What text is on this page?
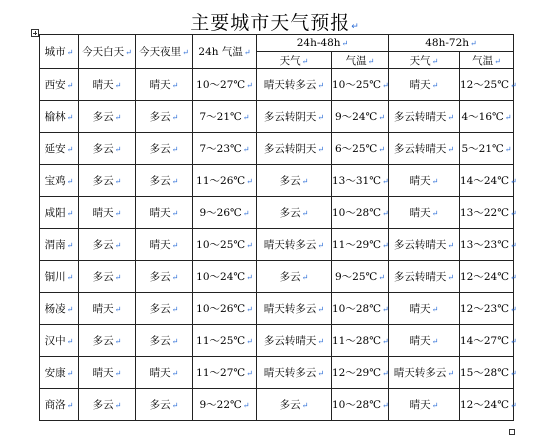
主要城市天气预报↵
城市↵	今天白天↵	今天夜里↵	24h 气温↵	24h-48h↵		48h-72h↵	
				天气↵	气温↵	天气↵	气温↵
西安↵	晴天↵	晴天↵	10～27℃↵	晴天转多云↵	10～25℃↵	晴天↵	12～25℃↵
榆林↵	多云↵	多云↵	7～21℃↵	多云转阴天↵	9～24℃↵	多云转晴天↵	4～16℃↵
延安↵	多云↵	多云↵	7～23℃↵	多云转阴天↵	6～25℃↵	多云转晴天↵	5～21℃↵
宝鸡↵	多云↵	多云↵	11～26℃↵	多云↵	13～31℃↵	晴天↵	14～24℃↵
咸阳↵	晴天↵	晴天↵	9～26℃↵	多云↵	10～28℃↵	晴天↵	13～22℃↵
渭南↵	多云↵	晴天↵	10～25℃↵	晴天转多云↵	11～29℃↵	多云转晴天↵	13～23℃↵
铜川↵	多云↵	多云↵	10～24℃↵	多云↵	9～25℃↵	多云转晴天↵	12～24℃↵
杨凌↵	晴天↵	多云↵	10～26℃↵	晴天转多云↵	10～28℃↵	晴天↵	12～23℃↵
汉中↵	多云↵	多云↵	11～25℃↵	多云转晴天↵	11～28℃↵	晴天↵	14～27℃↵
安康↵	晴天↵	晴天↵	11～27℃↵	晴天转多云↵	12～29℃↵	晴天转多云↵	15～28℃↵
商洛↵	多云↵	多云↵	9～22℃↵	多云↵	10～28℃↵	晴天↵	12～24℃↵
